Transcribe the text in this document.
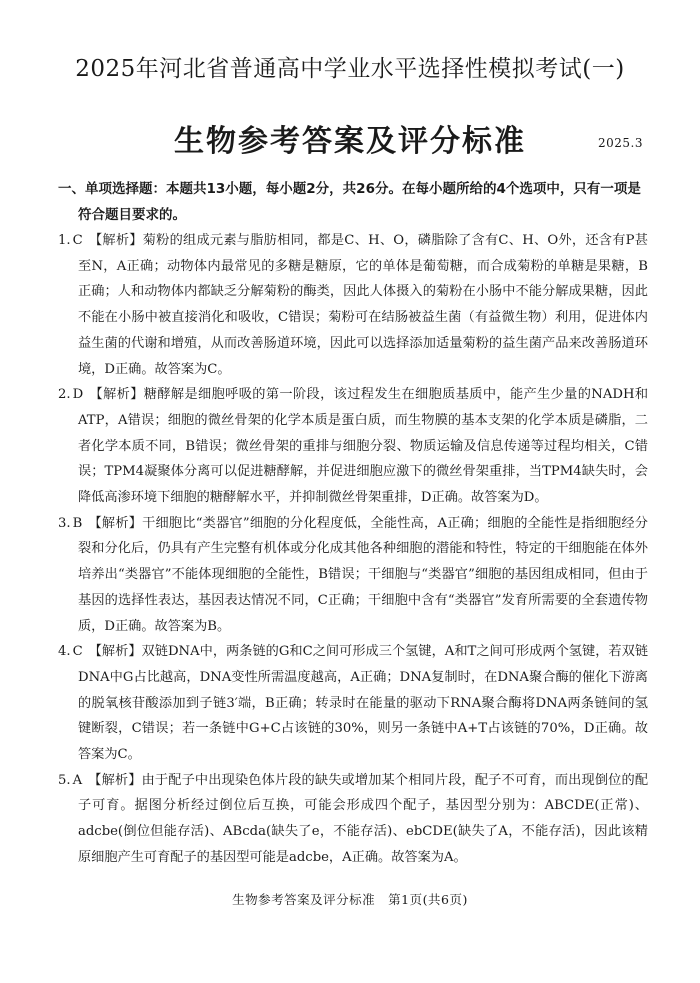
2025年河北省普通高中学业水平选择性模拟考试(一)
生物参考答案及评分标准	2025.3
一、单项选择题：本题共13小题，每小题2分，共26分。在每小题所给的4个选项中，只有一项是
符合题目要求的。

1. C 【解析】菊粉的组成元素与脂肪相同，都是C、H、O，磷脂除了含有C、H、O外，还含有P甚至N，A正确；动物体内最常见的多糖是糖原，它的单体是葡萄糖，而合成菊粉的单糖是果糖，B正确；人和动物体内都缺乏分解菊粉的酶类，因此人体摄入的菊粉在小肠中不能分解成果糖，因此不能在小肠中被直接消化和吸收，C错误；菊粉可在结肠被益生菌（有益微生物）利用，促进体内益生菌的代谢和增殖，从而改善肠道环境，因此可以选择添加适量菊粉的益生菌产品来改善肠道环境，D正确。故答案为C。

2. D 【解析】糖酵解是细胞呼吸的第一阶段，该过程发生在细胞质基质中，能产生少量的NADH和ATP，A错误；细胞的微丝骨架的化学本质是蛋白质，而生物膜的基本支架的化学本质是磷脂，二者化学本质不同，B错误；微丝骨架的重排与细胞分裂、物质运输及信息传递等过程均相关，C错误；TPM4凝聚体分离可以促进糖酵解，并促进细胞应激下的微丝骨架重排，当TPM4缺失时，会降低高渗环境下细胞的糖酵解水平，并抑制微丝骨架重排，D正确。故答案为D。

3. B 【解析】干细胞比“类器官”细胞的分化程度低，全能性高，A正确；细胞的全能性是指细胞经分裂和分化后，仍具有产生完整有机体或分化成其他各种细胞的潜能和特性，特定的干细胞能在体外培养出“类器官”不能体现细胞的全能性，B错误；干细胞与“类器官”细胞的基因组成相同，但由于基因的选择性表达，基因表达情况不同，C正确；干细胞中含有“类器官”发育所需要的全套遗传物质，D正确。故答案为B。

4. C 【解析】双链DNA中，两条链的G和C之间可形成三个氢键，A和T之间可形成两个氢键，若双链DNA中G占比越高，DNA变性所需温度越高，A正确；DNA复制时，在DNA聚合酶的催化下游离的脱氧核苷酸添加到子链3′端，B正确；转录时在能量的驱动下RNA聚合酶将DNA两条链间的氢键断裂，C错误；若一条链中G+C占该链的30%，则另一条链中A+T占该链的70%，D正确。故答案为C。

5. A 【解析】由于配子中出现染色体片段的缺失或增加某个相同片段，配子不可育，而出现倒位的配子可育。据图分析经过倒位后互换，可能会形成四个配子，基因型分别为：ABCDE(正常)、adcbe(倒位但能存活)、ABcda(缺失了e，不能存活)、ebCDE(缺失了A，不能存活)，因此该精原细胞产生可育配子的基因型可能是adcbe，A正确。故答案为A。

生物参考答案及评分标准　第1页(共6页)
